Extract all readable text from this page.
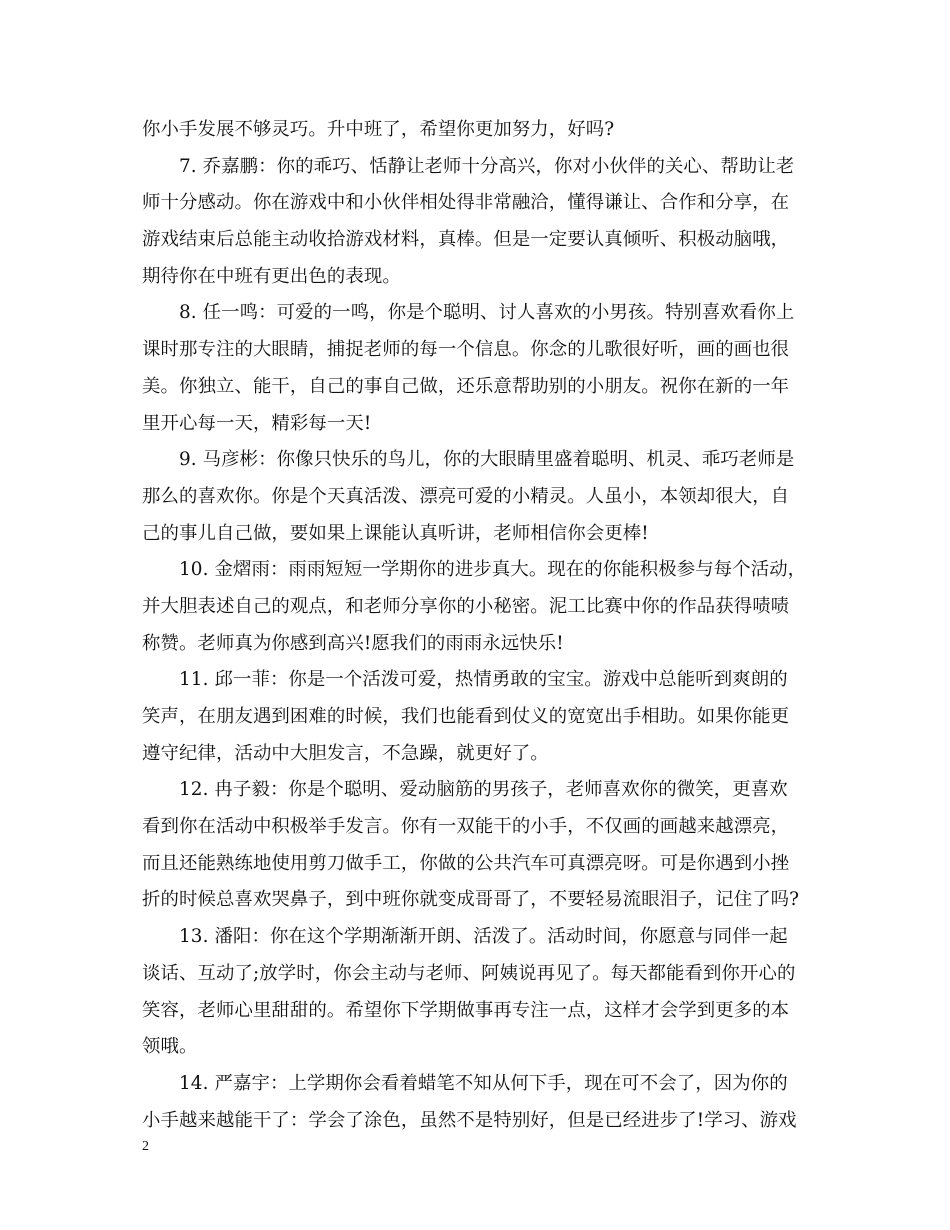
你小手发展不够灵巧。升中班了，希望你更加努力，好吗?
　　7. 乔嘉鹏：你的乖巧、恬静让老师十分高兴，你对小伙伴的关心、帮助让老
师十分感动。你在游戏中和小伙伴相处得非常融洽，懂得谦让、合作和分享，在
游戏结束后总能主动收拾游戏材料，真棒。但是一定要认真倾听、积极动脑哦，
期待你在中班有更出色的表现。
　　8. 任一鸣：可爱的一鸣，你是个聪明、讨人喜欢的小男孩。特别喜欢看你上
课时那专注的大眼睛，捕捉老师的每一个信息。你念的儿歌很好听，画的画也很
美。你独立、能干，自己的事自己做，还乐意帮助别的小朋友。祝你在新的一年
里开心每一天，精彩每一天!
　　9. 马彦彬：你像只快乐的鸟儿，你的大眼睛里盛着聪明、机灵、乖巧老师是
那么的喜欢你。你是个天真活泼、漂亮可爱的小精灵。人虽小，本领却很大，自
己的事儿自己做，要如果上课能认真听讲，老师相信你会更棒!
　　10. 金熠雨：雨雨短短一学期你的进步真大。现在的你能积极参与每个活动，
并大胆表述自己的观点，和老师分享你的小秘密。泥工比赛中你的作品获得啧啧
称赞。老师真为你感到高兴!愿我们的雨雨永远快乐!
　　11. 邱一菲：你是一个活泼可爱，热情勇敢的宝宝。游戏中总能听到爽朗的
笑声，在朋友遇到困难的时候，我们也能看到仗义的宽宽出手相助。如果你能更
遵守纪律，活动中大胆发言，不急躁，就更好了。
　　12. 冉子毅：你是个聪明、爱动脑筋的男孩子，老师喜欢你的微笑，更喜欢
看到你在活动中积极举手发言。你有一双能干的小手，不仅画的画越来越漂亮，
而且还能熟练地使用剪刀做手工，你做的公共汽车可真漂亮呀。可是你遇到小挫
折的时候总喜欢哭鼻子，到中班你就变成哥哥了，不要轻易流眼泪子，记住了吗?
　　13. 潘阳：你在这个学期渐渐开朗、活泼了。活动时间，你愿意与同伴一起
谈话、互动了;放学时，你会主动与老师、阿姨说再见了。每天都能看到你开心的
笑容，老师心里甜甜的。希望你下学期做事再专注一点，这样才会学到更多的本
领哦。
　　14. 严嘉宇：上学期你会看着蜡笔不知从何下手，现在可不会了，因为你的
小手越来越能干了：学会了涂色，虽然不是特别好，但是已经进步了!学习、游戏
2
